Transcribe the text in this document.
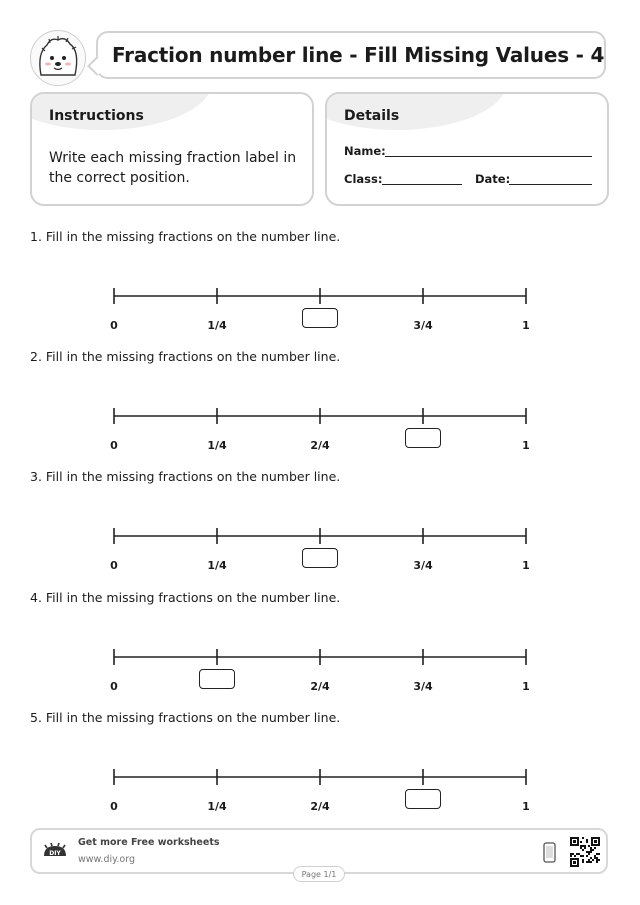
Fraction number line - Fill Missing Values - 4
Instructions
Write each missing fraction label in the correct position.
Details
Name:
Class:	Date:
1. Fill in the missing fractions on the number line.
0	1/4	3/4	1
2. Fill in the missing fractions on the number line.
0	1/4	2/4	1
3. Fill in the missing fractions on the number line.
0	1/4	3/4	1
4. Fill in the missing fractions on the number line.
0	2/4	3/4	1
5. Fill in the missing fractions on the number line.
0	1/4	2/4	1
DIY
Get more Free worksheets
www.diy.org
Page 1/1
